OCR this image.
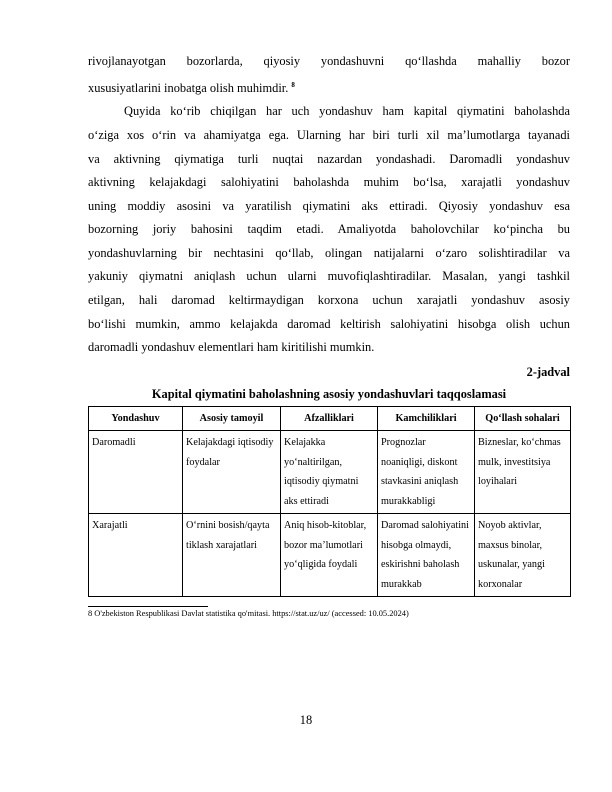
rivojlanayotgan bozorlarda, qiyosiy yondashuvni qo‘llashda mahalliy bozor
xususiyatlarini inobatga olish muhimdir. $^8$

Quyida ko‘rib chiqilgan har uch yondashuv ham kapital qiymatini baholashda
o‘ziga xos o‘rin va ahamiyatga ega. Ularning har biri turli xil ma’lumotlarga tayanadi
va aktivning qiymatiga turli nuqtai nazardan yondashadi. Daromadli yondashuv
aktivning kelajakdagi salohiyatini baholashda muhim bo‘lsa, xarajatli yondashuv
uning moddiy asosini va yaratilish qiymatini aks ettiradi. Qiyosiy yondashuv esa
bozorning joriy bahosini taqdim etadi. Amaliyotda baholovchilar ko‘pincha bu
yondashuvlarning bir nechtasini qo‘llab, olingan natijalarni o‘zaro solishtiradilar va
yakuniy qiymatni aniqlash uchun ularni muvofiqlashtiradilar. Masalan, yangi tashkil
etilgan, hali daromad keltirmaydigan korxona uchun xarajatli yondashuv asosiy
bo‘lishi mumkin, ammo kelajakda daromad keltirish salohiyatini hisobga olish uchun
daromadli yondashuv elementlari ham kiritilishi mumkin.

2-jadval
Kapital qiymatini baholashning asosiy yondashuvlari taqqoslamasi
Yondashuv	Asosiy tamoyil	Afzalliklari	Kamchiliklari	Qo‘llash sohalari
Daromadli	Kelajakdagi iqtisodiy foydalar	Kelajakka yo‘naltirilgan, iqtisodiy qiymatni aks ettiradi	Prognozlar noaniqligi, diskont stavkasini aniqlash murakkabligi	Bizneslar, ko‘chmas mulk, investitsiya loyihalari
Xarajatli	O‘rnini bosish/qayta tiklash xarajatlari	Aniq hisob-kitoblar, bozor ma’lumotlari yo‘qligida foydali	Daromad salohiyatini hisobga olmaydi, eskirishni baholash murakkab	Noyob aktivlar, maxsus binolar, uskunalar, yangi korxonalar
8 O'zbekiston Respublikasi Davlat statistika qo'mitasi. https://stat.uz/uz/ (accessed: 10.05.2024)
18
